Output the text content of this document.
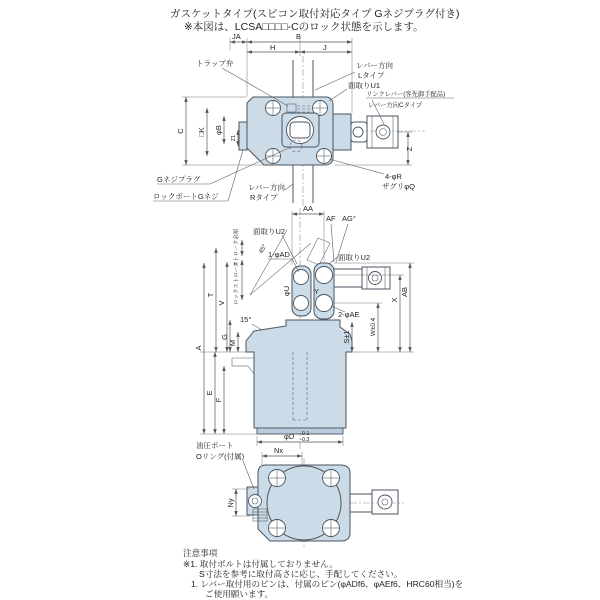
ガスケットタイプ(スピコン取付対応タイプ Gネジプラグ付き)
※本図は、LCSA□□□□-Cのロック状態を示します。
JA	B
H	J
C □K φB
Z1
Z
トラップ弁	レバー方向
Lタイプ
面取りU1
リンクレバー(客先御手配品)
レバー方向Cタイプ
Gネジプラグ
ロックポートGネジ
レバー方向
Rタイプ
4-φR
ザグリφQ
45°
AA
AF AG°
面取りU2
面取りU2
1-φAD
2-φAE
φU	Y
15°
T
V
ストローク余裕
ロックストローク
G
M
A
E
F
S±1
W±0.4
X
AB
φD -0.1
-0.3
Nx
Ny
油圧ポート
Oリング(付属)
注意事項
※1. 取付ボルトは付属しておりません。
S寸法を参考に取付高さに応じ、手配してください。
1. レバー取付用のピンは、付属のピン(φADf6、φAEf6、HRC60相当)を
ご使用願います。
